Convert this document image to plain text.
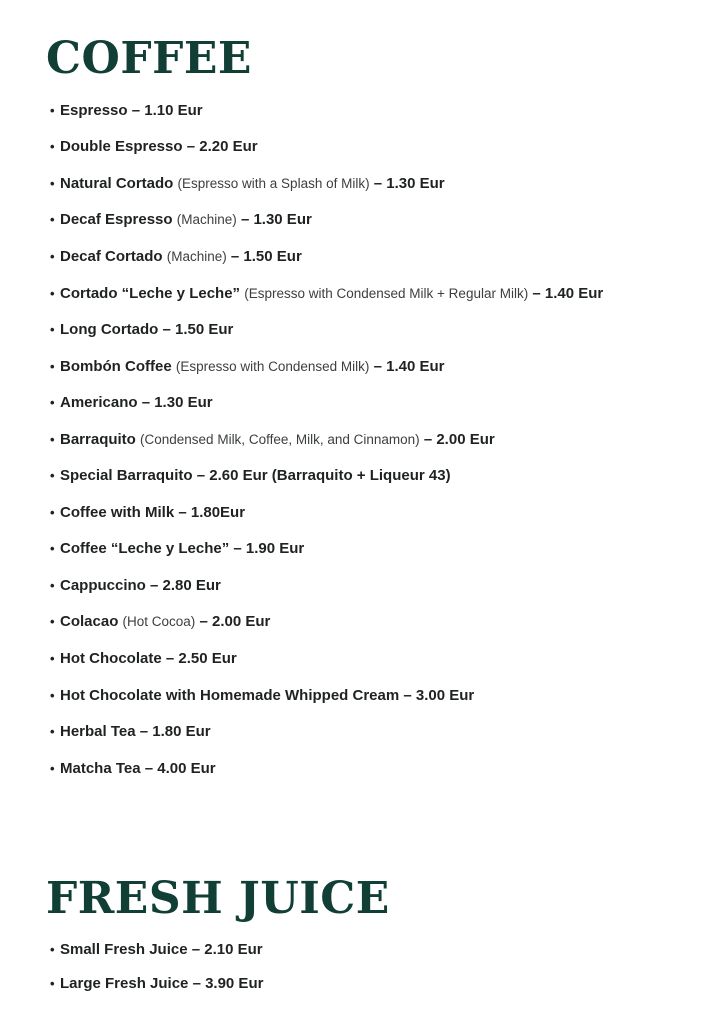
COFFEE
• Espresso
– 1.10 Eur
• Double Espresso
– 2.20 Eur
• Natural Cortado
(Espresso with a Splash of Milk)
– 1.30 Eur
• Decaf Espresso
(Machine)
– 1.30 Eur
• Decaf Cortado
(Machine)
– 1.50 Eur
• Cortado “Leche y Leche”
(Espresso with Condensed Milk + Regular Milk)
– 1.40 Eur
• Long Cortado
– 1.50 Eur
• Bombón Coffee
(Espresso with Condensed Milk)
– 1.40 Eur
• Americano
– 1.30 Eur
• Barraquito
(Condensed Milk, Coffee, Milk, and Cinnamon)
– 2.00 Eur
• Special Barraquito
– 2.60 Eur
(Barraquito + Liqueur 43)
• Coffee with Milk
– 1.80Eur
• Coffee “Leche y Leche”
– 1.90 Eur
• Cappuccino
– 2.80 Eur
• Colacao
(Hot Cocoa)
– 2.00 Eur
• Hot Chocolate
– 2.50 Eur
• Hot Chocolate with Homemade Whipped Cream
– 3.00 Eur
• Herbal Tea
– 1.80 Eur
• Matcha Tea
– 4.00 Eur
FRESH JUICE
• Small Fresh Juice
– 2.10 Eur
• Large Fresh Juice
– 3.90 Eur
